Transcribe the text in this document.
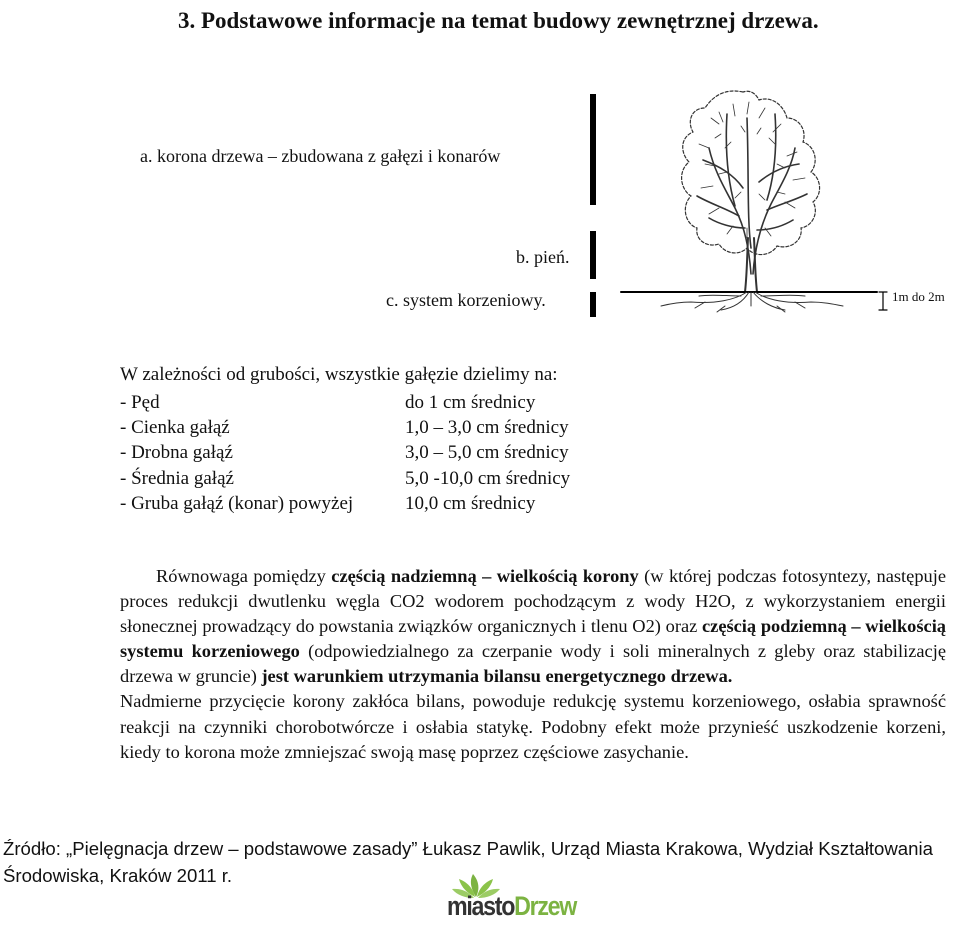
3. Podstawowe informacje na temat budowy zewnętrznej drzewa.
a. korona drzewa – zbudowana z gałęzi i konarów
b. pień.
c. system korzeniowy.	1m do 2m
W zależności od grubości, wszystkie gałęzie dzielimy na:
- Pęd	do 1 cm średnicy
- Cienka gałąź	1,0 – 3,0 cm średnicy
- Drobna gałąź	3,0 – 5,0 cm średnicy
- Średnia gałąź	5,0 -10,0 cm średnicy
- Gruba gałąź (konar) powyżej	10,0 cm średnicy

Równowaga pomiędzy częścią nadziemną – wielkością korony (w której podczas fotosyntezy, następuje proces redukcji dwutlenku węgla CO2 wodorem pochodzącym z wody H2O, z wykorzystaniem energii słonecznej prowadzący do powstania związków organicznych i tlenu O2) oraz częścią podziemną – wielkością systemu korzeniowego (odpowiedzialnego za czerpanie wody i soli mineralnych z gleby oraz stabilizację drzewa w gruncie) jest warunkiem utrzymania bilansu energetycznego drzewa.

Nadmierne przycięcie korony zakłóca bilans, powoduje redukcję systemu korzeniowego, osłabia sprawność reakcji na czynniki chorobotwórcze i osłabia statykę. Podobny efekt może przynieść uszkodzenie korzeni, kiedy to korona może zmniejszać swoją masę poprzez częściowe zasychanie.

Źródło: „Pielęgnacja drzew – podstawowe zasady” Łukasz Pawlik, Urząd Miasta Krakowa, Wydział Kształtowania Środowiska, Kraków 2011 r.
miastoDrzew
